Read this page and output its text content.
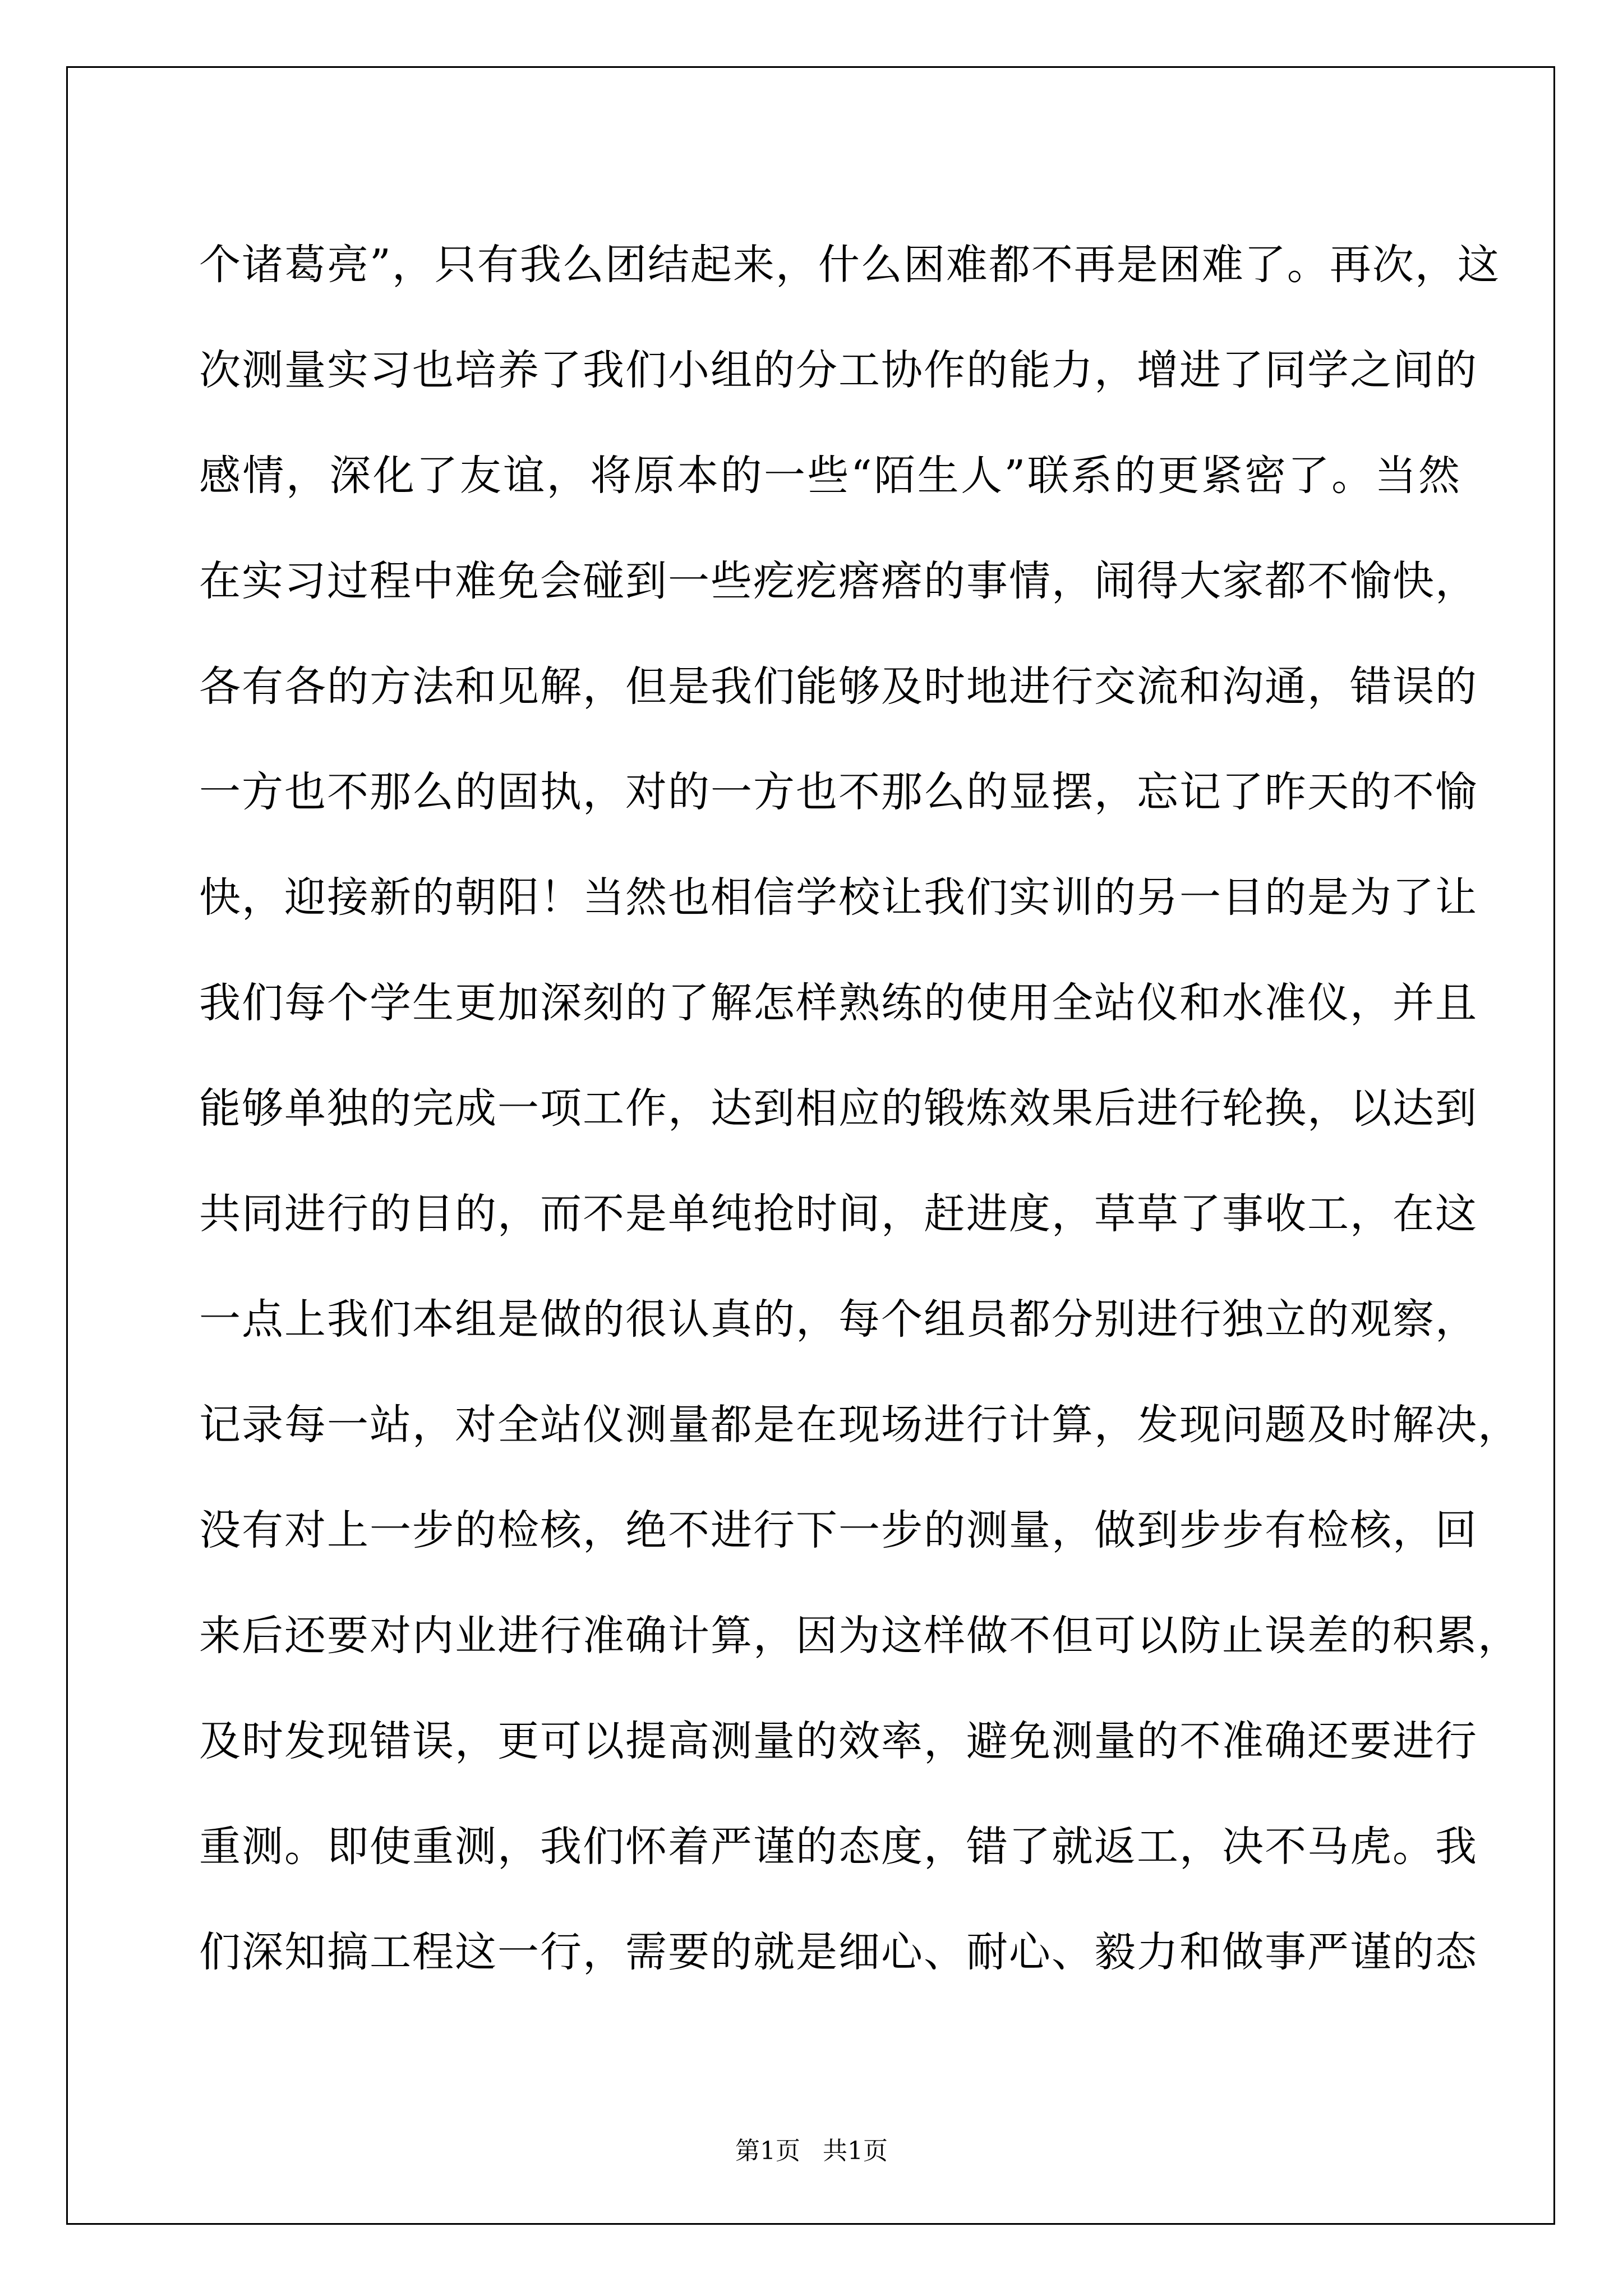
个诸葛亮”，只有我么团结起来，什么困难都不再是困难了。再次，这
次测量实习也培养了我们小组的分工协作的能力，增进了同学之间的
感情，深化了友谊，将原本的一些“陌生人”联系的更紧密了。当然
在实习过程中难免会碰到一些疙疙瘩瘩的事情，闹得大家都不愉快，
各有各的方法和见解，但是我们能够及时地进行交流和沟通，错误的
一方也不那么的固执，对的一方也不那么的显摆，忘记了昨天的不愉
快，迎接新的朝阳！当然也相信学校让我们实训的另一目的是为了让
我们每个学生更加深刻的了解怎样熟练的使用全站仪和水准仪，并且
能够单独的完成一项工作，达到相应的锻炼效果后进行轮换，以达到
共同进行的目的，而不是单纯抢时间，赶进度，草草了事收工，在这
一点上我们本组是做的很认真的，每个组员都分别进行独立的观察，
记录每一站，对全站仪测量都是在现场进行计算，发现问题及时解决，
没有对上一步的检核，绝不进行下一步的测量，做到步步有检核，回
来后还要对内业进行准确计算，因为这样做不但可以防止误差的积累，
及时发现错误，更可以提高测量的效率，避免测量的不准确还要进行
重测。即使重测，我们怀着严谨的态度，错了就返工，决不马虎。我
们深知搞工程这一行，需要的就是细心、耐心、毅力和做事严谨的态
第1页 共1页
